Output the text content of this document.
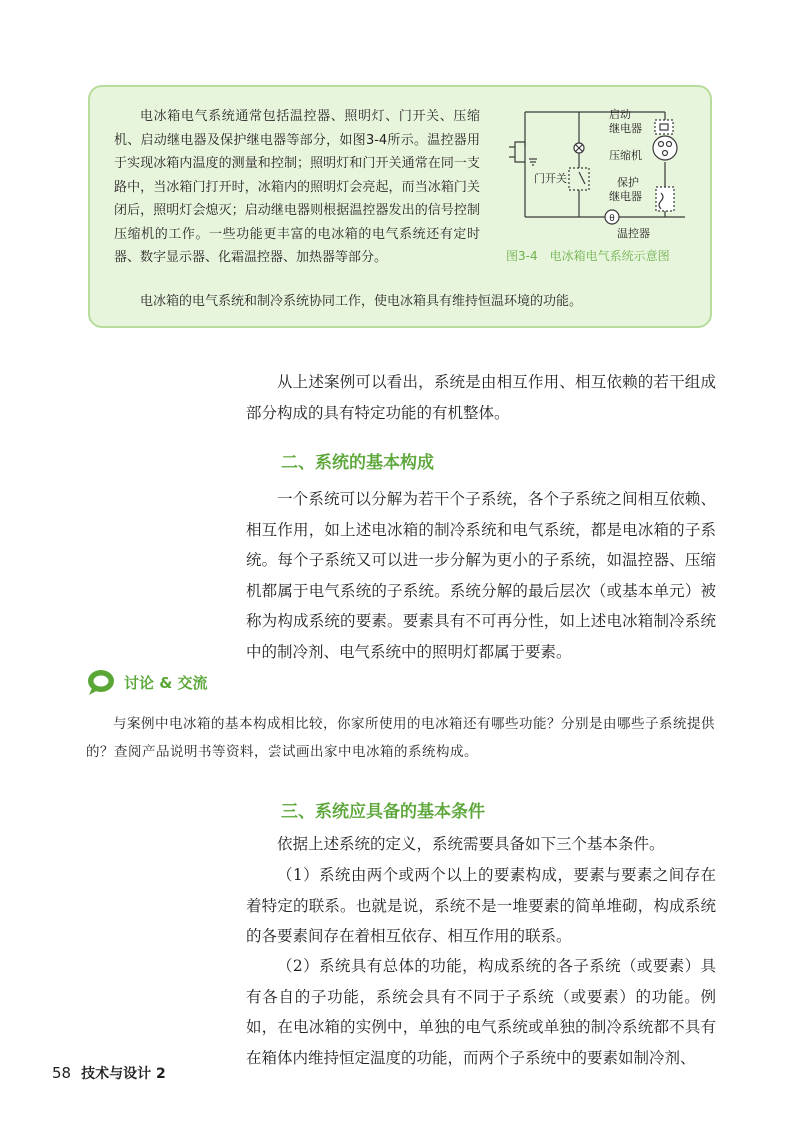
电冰箱电气系统通常包括温控器、照明灯、门开关、压缩机、启动继电器及保护继电器等部分，如图3-4所示。温控器用于实现冰箱内温度的测量和控制；照明灯和门开关通常在同一支路中，当冰箱门打开时，冰箱内的照明灯会亮起，而当冰箱门关闭后，照明灯会熄灭；启动继电器则根据温控器发出的信号控制压缩机的工作。一些功能更丰富的电冰箱的电气系统还有定时器、数字显示器、化霜温控器、加热器等部分。

θ
启动
继电器
压缩机
保护
继电器
门开关
温控器
图3-4 电冰箱电气系统示意图

电冰箱的电气系统和制冷系统协同工作，使电冰箱具有维持恒温环境的功能。

从上述案例可以看出，系统是由相互作用、相互依赖的若干组成部分构成的具有特定功能的有机整体。

二、系统的基本构成

一个系统可以分解为若干个子系统，各个子系统之间相互依赖、相互作用，如上述电冰箱的制冷系统和电气系统，都是电冰箱的子系统。每个子系统又可以进一步分解为更小的子系统，如温控器、压缩机都属于电气系统的子系统。系统分解的最后层次（或基本单元）被称为构成系统的要素。要素具有不可再分性，如上述电冰箱制冷系统中的制冷剂、电气系统中的照明灯都属于要素。

讨论 & 交流

与案例中电冰箱的基本构成相比较，你家所使用的电冰箱还有哪些功能？分别是由哪些子系统提供的？查阅产品说明书等资料，尝试画出家中电冰箱的系统构成。

三、系统应具备的基本条件

依据上述系统的定义，系统需要具备如下三个基本条件。

（1）系统由两个或两个以上的要素构成，要素与要素之间存在着特定的联系。也就是说，系统不是一堆要素的简单堆砌，构成系统的各要素间存在着相互依存、相互作用的联系。

（2）系统具有总体的功能，构成系统的各子系统（或要素）具有各自的子功能，系统会具有不同于子系统（或要素）的功能。例如，在电冰箱的实例中，单独的电气系统或单独的制冷系统都不具有在箱体内维持恒定温度的功能，而两个子系统中的要素如制冷剂、

58 技术与设计 2
